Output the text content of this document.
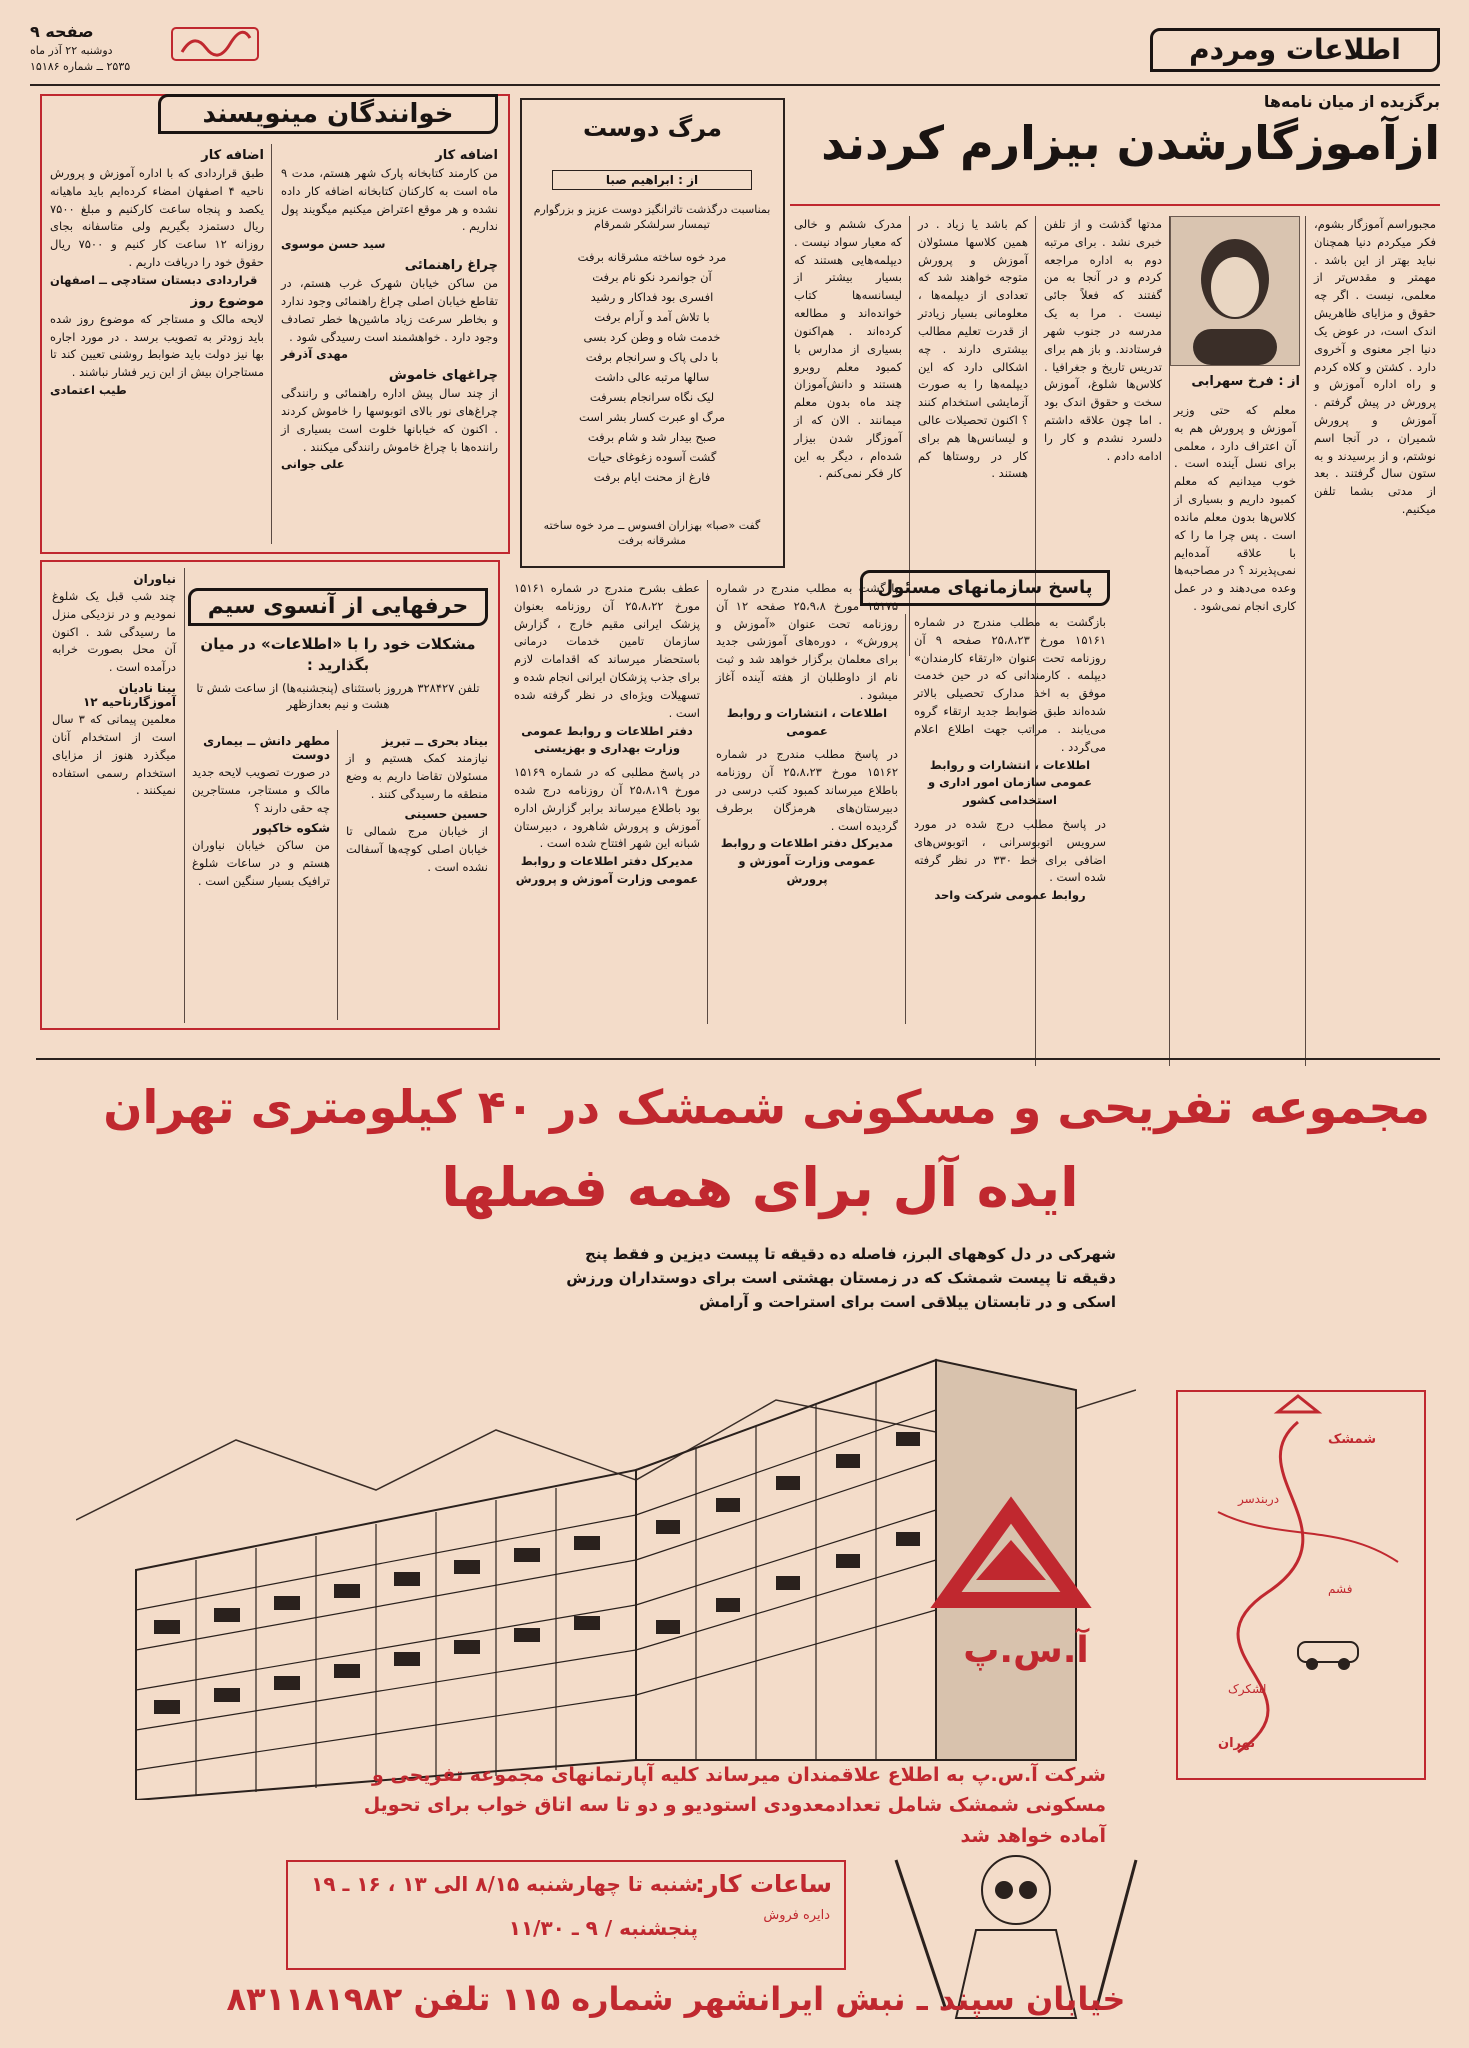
صفحه ۹
دوشنبه ۲۲ آذر ماه
۲۵۳۵ ــ شماره ۱۵۱۸۶
اطلاعات ومردم
برگزیده از میان نامه‌ها
ازآموزگارشدن بیزارم کردند
مجبوراسم آموزگار بشوم، فکر میکردم دنیا همچنان نباید بهتر از این باشد . مهمتر و مقدس‌تر از معلمی، نیست . اگر چه حقوق و مزایای ظاهریش اندک است، در عوض یک دنیا اجر معنوی و آخروی دارد . کشتن و کلاه کردم و راه اداره آموزش و پرورش در پیش گرفتم . آموزش و پرورش شمیران ، در آنجا اسم نوشتم، و از برسیدند و به ستون سال گرفتند . بعد از مدتی بشما تلفن میکنیم.
از : فرخ سهرابی
مدتها گذشت و از تلفن خبری نشد . برای مرتبه دوم به اداره مراجعه کردم و در آنجا به من گفتند که فعلاً جائی نیست . مرا به یک مدرسه در جنوب شهر فرستادند. و باز هم برای تدریس تاریخ و جغرافیا . کلاس‌ها شلوغ، آموزش سخت و حقوق اندک بود . اما چون علاقه داشتم دلسرد نشدم و کار را ادامه دادم .
معلم که حتی وزیر آموزش و پرورش هم به آن اعتراف دارد ، معلمی برای نسل آینده است . خوب میدانیم که معلم کمبود داریم و بسیاری از کلاس‌ها بدون معلم مانده است . پس چرا ما را که با علاقه آمده‌ایم نمی‌پذیرند ؟ در مصاحبه‌ها وعده می‌دهند و در عمل کاری انجام نمی‌شود .
کم باشد یا زیاد . در همین کلاسها مسئولان آموزش و پرورش متوجه خواهند شد که تعدادی از دیپلمه‌ها ، معلومانی بسیار زیادتر از قدرت تعلیم مطالب بیشتری دارند . چه اشکالی دارد که این دیپلمه‌ها را به صورت آزمایشی استخدام کنند ؟ اکنون تحصیلات عالی و لیسانس‌ها هم برای کار در روستاها کم هستند .
مدرک ششم و خالی که معیار سواد نیست . دیپلمه‌هایی هستند که بسیار بیشتر از لیسانسه‌ها کتاب خوانده‌اند و مطالعه کرده‌اند . هم‌اکنون بسیاری از مدارس با کمبود معلم روبرو هستند و دانش‌آموزان چند ماه بدون معلم میمانند . الان که از آموزگار شدن بیزار شده‌ام ، دیگر به این کار فکر نمی‌کنم .
مرگ دوست
از : ابراهیم صبا
بمناسبت درگذشت تاثرانگیز دوست عزیز و بزرگوارم تیمسار سرلشکر شمرقام

مرد خوه ساخته مشرقانه برفت

آن جوانمرد نکو نام برفت

افسری بود فداکار و رشید

با تلاش آمد و آرام برفت

خدمت شاه و وطن کرد بسی

با دلی پاک و سرانجام برفت

سالها مرتبه عالی داشت

لیک نگاه سرانجام بسرفت

مرگ او عبرت کسار بشر است

صبح بیدار شد و شام برفت

گشت آسوده زغوغای حیات

فارغ از محنت ایام برفت

گفت «صبا» بهزاران افسوس ــ مرد خوه ساخته مشرقانه برفت
خوانندگان مینویسند
اضافه کار
من کارمند کتابخانه پارک شهر هستم، مدت ۹ ماه است به کارکنان کتابخانه اضافه کار داده نشده و هر موقع اعتراض میکنیم میگویند پول نداریم .
سید حسن موسوی
چراغ راهنمائی
من ساکن خیابان شهرک غرب هستم، در تقاطع خیابان اصلی چراغ راهنمائی وجود ندارد و بخاطر سرعت زیاد ماشین‌ها خطر تصادف وجود دارد . خواهشمند است رسیدگی شود .
مهدی آذرفر
چراغهای خاموش
از چند سال پیش اداره راهنمائی و رانندگی چراغ‌های نور بالای اتوبوسها را خاموش کردند . اکنون که خیابانها خلوت است بسیاری از راننده‌ها با چراغ خاموش رانندگی میکنند .
علی جوانی
اضافه کار
طبق قراردادی که با اداره آموزش و پرورش ناحیه ۴ اصفهان امضاء کرده‌ایم باید ماهیانه یکصد و پنجاه ساعت کارکنیم و مبلغ ۷۵۰۰ ریال دستمزد بگیریم ولی متاسفانه بجای روزانه ۱۲ ساعت کار کنیم و ۷۵۰۰ ریال حقوق خود را دریافت داریم .
قراردادی دبستان ستادچی ــ اصفهان
موضوع روز
لایحه مالک و مستاجر که موضوع روز شده باید زودتر به تصویب برسد . در مورد اجاره بها نیز دولت باید ضوابط روشنی تعیین کند تا مستاجران بیش از این زیر فشار نباشند .
طیب اعتمادی
حرفهایی از آنسوی سیم
مشکلات خود را با «اطلاعات» در میان بگذارید :
تلفن ۳۲۸۴۲۷ هرروز باستثنای (پنجشنبه‌ها) از ساعت شش تا هشت و نیم بعدازظهر
نیاوران
چند شب قبل یک شلوغ نمودیم و در نزدیکی منزل ما رسیدگی شد . اکنون آن محل بصورت خرابه درآمده است .
بینا نادیان آموزگارناحیه ۱۲
معلمین پیمانی که ۳ سال است از استخدام آنان میگذرد هنوز از مزایای استخدام رسمی استفاده نمیکنند .
بیناد بحری ــ تبریز
نیازمند کمک هستیم و از مسئولان تقاضا داریم به وضع منطقه ما رسیدگی کنند .
حسین حسینی
از خیابان مرج شمالی تا خیابان اصلی کوچه‌ها آسفالت نشده است .
مطهر دانش ــ بیماری دوست
در صورت تصویب لایحه جدید مالک و مستاجر، مستاجرین چه حقی دارند ؟
شکوه خاکپور
من ساکن خیابان نیاوران هستم و در ساعات شلوغ ترافیک بسیار سنگین است .
پاسخ سازمانهای مسئول
بازگشت به مطلب مندرج در شماره ۱۵۱۶۱ مورخ ۲۵،۸،۲۳ صفحه ۹ آن روزنامه تحت عنوان «ارتقاء کارمندان» دیپلمه . کارمندانی که در حین خدمت موفق به اخذ مدارک تحصیلی بالاتر شده‌اند طبق ضوابط جدید ارتقاء گروه می‌یابند . مراتب جهت اطلاع اعلام می‌گردد .
اطلاعات ، انتشارات و روابط عمومی سازمان امور اداری و استخدامی کشور
در پاسخ مطلب درج شده در مورد سرویس اتوبوسرانی ، اتوبوس‌های اضافی برای خط ۳۳۰ در نظر گرفته شده است .
روابط عمومی شرکت واحد
بازگشت به مطلب مندرج در شماره ۱۵۱۷۵ مورخ ۲۵،۹،۸ صفحه ۱۲ آن روزنامه تحت عنوان «آموزش و پرورش» ، دوره‌های آموزشی جدید برای معلمان برگزار خواهد شد و ثبت نام از داوطلبان از هفته آینده آغاز میشود .
اطلاعات ، انتشارات و روابط عمومی
در پاسخ مطلب مندرج در شماره ۱۵۱۶۲ مورخ ۲۵،۸،۲۳ آن روزنامه باطلاع میرساند کمبود کتب درسی در دبیرستان‌های هرمزگان برطرف گردیده است .
مدیرکل دفتر اطلاعات و روابط عمومی وزارت آموزش و پرورش
عطف بشرح مندرج در شماره ۱۵۱۶۱ مورخ ۲۵،۸،۲۲ آن روزنامه بعنوان پزشک ایرانی مقیم خارج ، گزارش سازمان تامین خدمات درمانی باستحضار میرساند که اقدامات لازم برای جذب پزشکان ایرانی انجام شده و تسهیلات ویژه‌ای در نظر گرفته شده است .
دفتر اطلاعات و روابط عمومی وزارت بهداری و بهزیستی
در پاسخ مطلبی که در شماره ۱۵۱۶۹ مورخ ۲۵،۸،۱۹ آن روزنامه درج شده بود باطلاع میرساند برابر گزارش اداره آموزش و پرورش شاهرود ، دبیرستان شبانه این شهر افتتاح شده است .
مدیرکل دفتر اطلاعات و روابط عمومی وزارت آموزش و پرورش
مجموعه تفریحی و مسکونی شمشک در ۴۰ کیلومتری تهران
ایده آل برای همه فصلها
شهرکی در دل کوههای البرز، فاصله ده دقیقه تا پیست دیزین و فقط پنج دقیقه تا پیست شمشک که در زمستان بهشتی است برای دوستداران ورزش اسکی و در تابستان ییلاقی است برای استراحت و آرامش
آ.س.پ
تهران
شمشک
دربندسر
فشم
لشکرک
شرکت آ.س.پ به اطلاع علاقمندان میرساند کلیه آپارتمانهای مجموعه تفریحی و مسکونی شمشک شامل تعدادمعدودی استودیو و دو تا سه اتاق خواب برای تحویل آماده خواهد شد
ساعات کار:
دایره فروش
شنبه تا چهارشنبه ۸/۱۵ الی ۱۳ ، ۱۶ ـ ۱۹
پنجشنبه / ۹ ـ ۱۱/۳۰
خیابان سپند ـ نبش ایرانشهر شماره ۱۱۵ تلفن ۸۳۱۱۸۱۹۸۲
